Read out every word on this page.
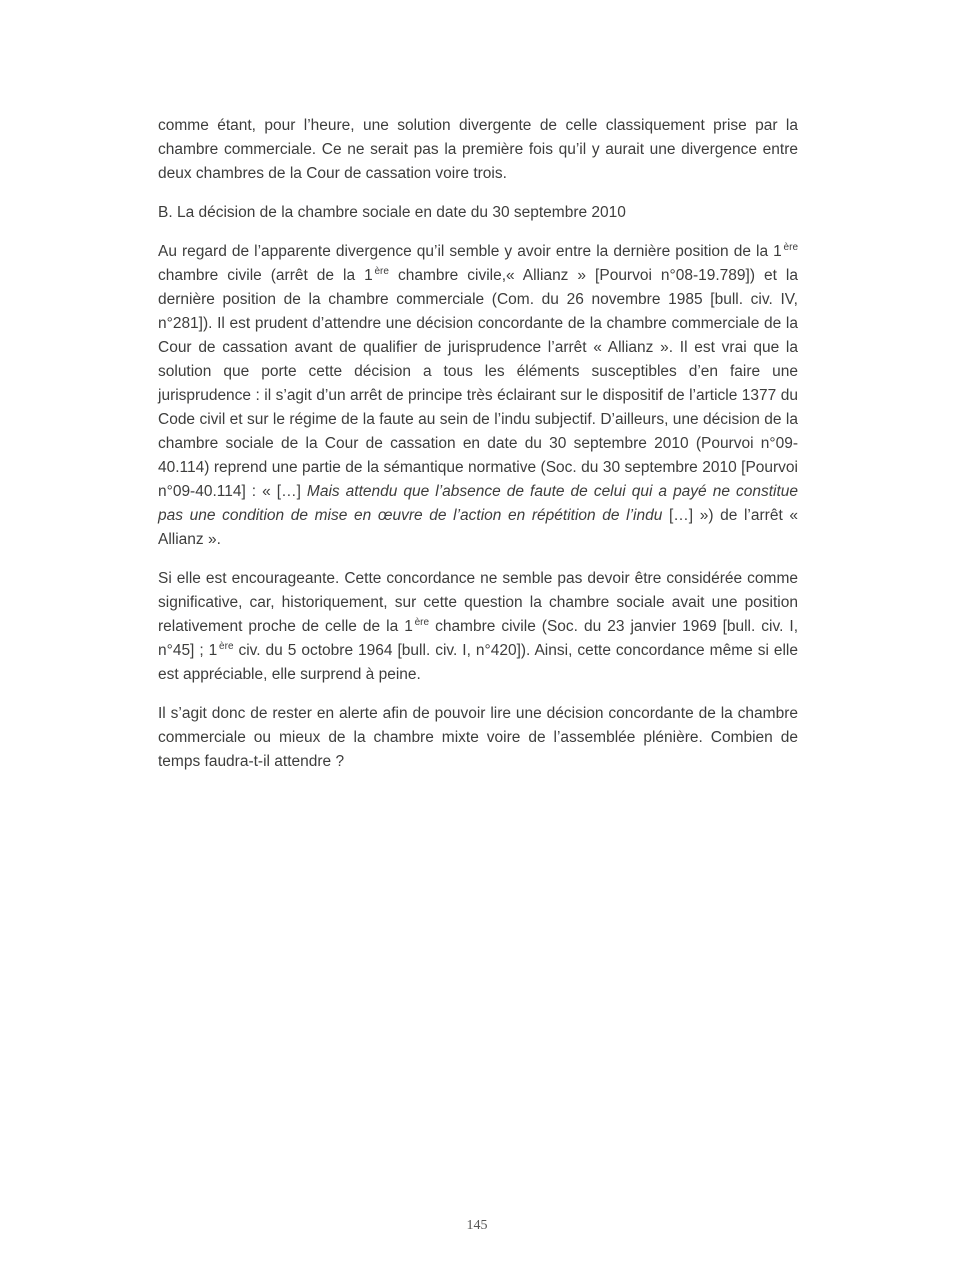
comme étant, pour l’heure, une solution divergente de celle classiquement prise par la chambre commerciale. Ce ne serait pas la première fois qu’il y aurait une divergence entre deux chambres de la Cour de cassation voire trois.

B. La décision de la chambre sociale en date du 30 septembre 2010

Au regard de l’apparente divergence qu’il semble y avoir entre la dernière position de la 1 $^{ère}$ chambre civile (arrêt de la 1 $^{ère}$ chambre civile,« Allianz » [Pourvoi n°08-19.789]) et la dernière position de la chambre commerciale (Com. du 26 novembre 1985 [bull. civ. IV, n°281]). Il est prudent d’attendre une décision concordante de la chambre commerciale de la Cour de cassation avant de qualifier de jurisprudence l’arrêt « Allianz ». Il est vrai que la solution que porte cette décision a tous les éléments susceptibles d’en faire une jurisprudence : il s’agit d’un arrêt de principe très éclairant sur le dispositif de l’article 1377 du Code civil et sur le régime de la faute au sein de l’indu subjectif. D’ailleurs, une décision de la chambre sociale de la Cour de cassation en date du 30 septembre 2010 (Pourvoi n°09-40.114) reprend une partie de la sémantique normative (Soc. du 30 septembre 2010 [Pourvoi n°09-40.114] : « […] Mais attendu que l’absence de faute de celui qui a payé ne constitue pas une condition de mise en œuvre de l’action en répétition de l’indu […] ») de l’arrêt « Allianz ».

Si elle est encourageante. Cette concordance ne semble pas devoir être considérée comme significative, car, historiquement, sur cette question la chambre sociale avait une position relativement proche de celle de la 1 $^{ère}$ chambre civile (Soc. du 23 janvier 1969 [bull. civ. I, n°45] ; 1 $^{ère}$ civ. du 5 octobre 1964 [bull. civ. I, n°420]). Ainsi, cette concordance même si elle est appréciable, elle surprend à peine.

Il s’agit donc de rester en alerte afin de pouvoir lire une décision concordante de la chambre commerciale ou mieux de la chambre mixte voire de l’assemblée plénière. Combien de temps faudra-t-il attendre ?

145
